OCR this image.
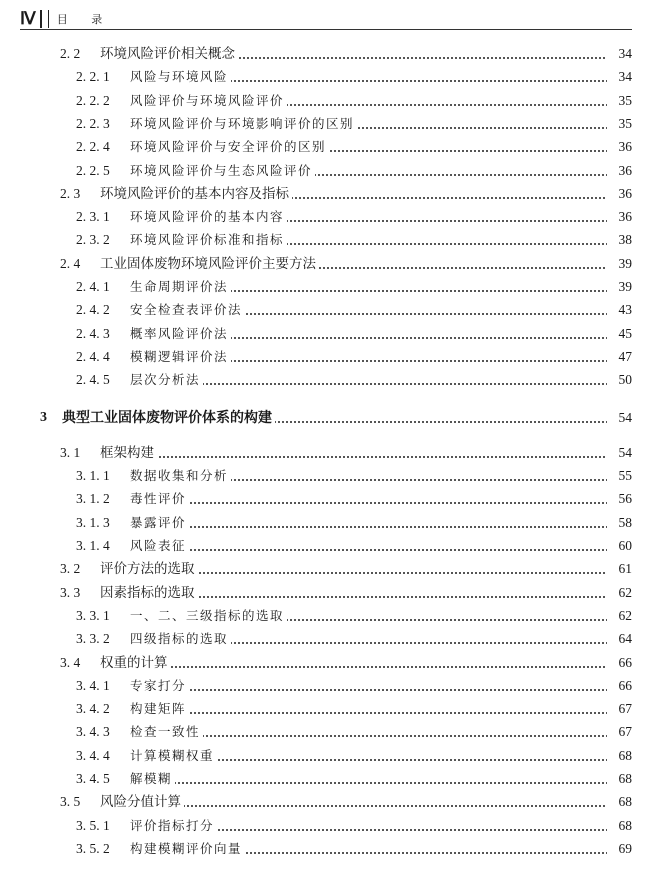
Ⅳ 目 录
2. 2 环境风险评价相关概念	34
2. 2. 1 风险与环境风险	34
2. 2. 2 风险评价与环境风险评价	35
2. 2. 3 环境风险评价与环境影响评价的区别	35
2. 2. 4 环境风险评价与安全评价的区别	36
2. 2. 5 环境风险评价与生态风险评价	36
2. 3 环境风险评价的基本内容及指标	36
2. 3. 1 环境风险评价的基本内容	36
2. 3. 2 环境风险评价标准和指标	38
2. 4 工业固体废物环境风险评价主要方法	39
2. 4. 1 生命周期评价法	39
2. 4. 2 安全检查表评价法	43
2. 4. 3 概率风险评价法	45
2. 4. 4 模糊逻辑评价法	47
2. 4. 5 层次分析法	50
3 典型工业固体废物评价体系的构建	54
3. 1 框架构建	54
3. 1. 1 数据收集和分析	55
3. 1. 2 毒性评价	56
3. 1. 3 暴露评价	58
3. 1. 4 风险表征	60
3. 2 评价方法的选取	61
3. 3 因素指标的选取	62
3. 3. 1 一、二、三级指标的选取	62
3. 3. 2 四级指标的选取	64
3. 4 权重的计算	66
3. 4. 1 专家打分	66
3. 4. 2 构建矩阵	67
3. 4. 3 检查一致性	67
3. 4. 4 计算模糊权重	68
3. 4. 5 解模糊	68
3. 5 风险分值计算	68
3. 5. 1 评价指标打分	68
3. 5. 2 构建模糊评价向量	69
